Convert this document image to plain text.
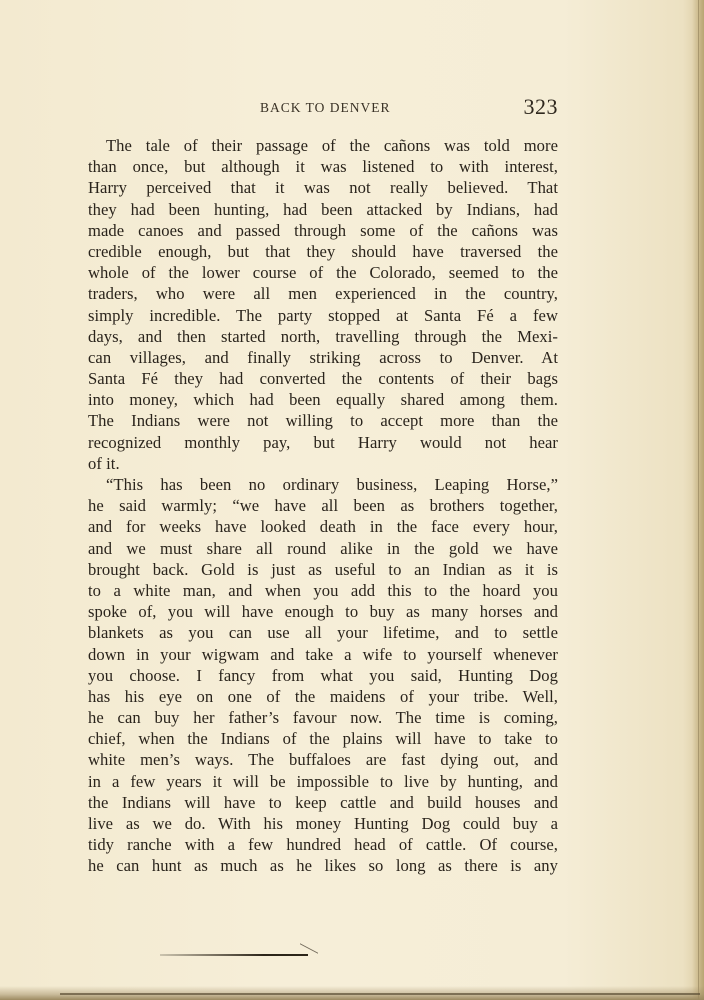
BACK TO DENVER	323
The tale of their passage of the cañons was told more
than once, but although it was listened to with interest,
Harry perceived that it was not really believed. That
they had been hunting, had been attacked by Indians, had
made canoes and passed through some of the cañons was
credible enough, but that they should have traversed the
whole of the lower course of the Colorado, seemed to the
traders, who were all men experienced in the country,
simply incredible. The party stopped at Santa Fé a few
days, and then started north, travelling through the Mexi-
can villages, and finally striking across to Denver. At
Santa Fé they had converted the contents of their bags
into money, which had been equally shared among them.
The Indians were not willing to accept more than the
recognized monthly pay, but Harry would not hear
of it.
“This has been no ordinary business, Leaping Horse,”
he said warmly; “we have all been as brothers together,
and for weeks have looked death in the face every hour,
and we must share all round alike in the gold we have
brought back. Gold is just as useful to an Indian as it is
to a white man, and when you add this to the hoard you
spoke of, you will have enough to buy as many horses and
blankets as you can use all your lifetime, and to settle
down in your wigwam and take a wife to yourself whenever
you choose. I fancy from what you said, Hunting Dog
has his eye on one of the maidens of your tribe. Well,
he can buy her father’s favour now. The time is coming,
chief, when the Indians of the plains will have to take to
white men’s ways. The buffaloes are fast dying out, and
in a few years it will be impossible to live by hunting, and
the Indians will have to keep cattle and build houses and
live as we do. With his money Hunting Dog could buy a
tidy ranche with a few hundred head of cattle. Of course,
he can hunt as much as he likes so long as there is any
